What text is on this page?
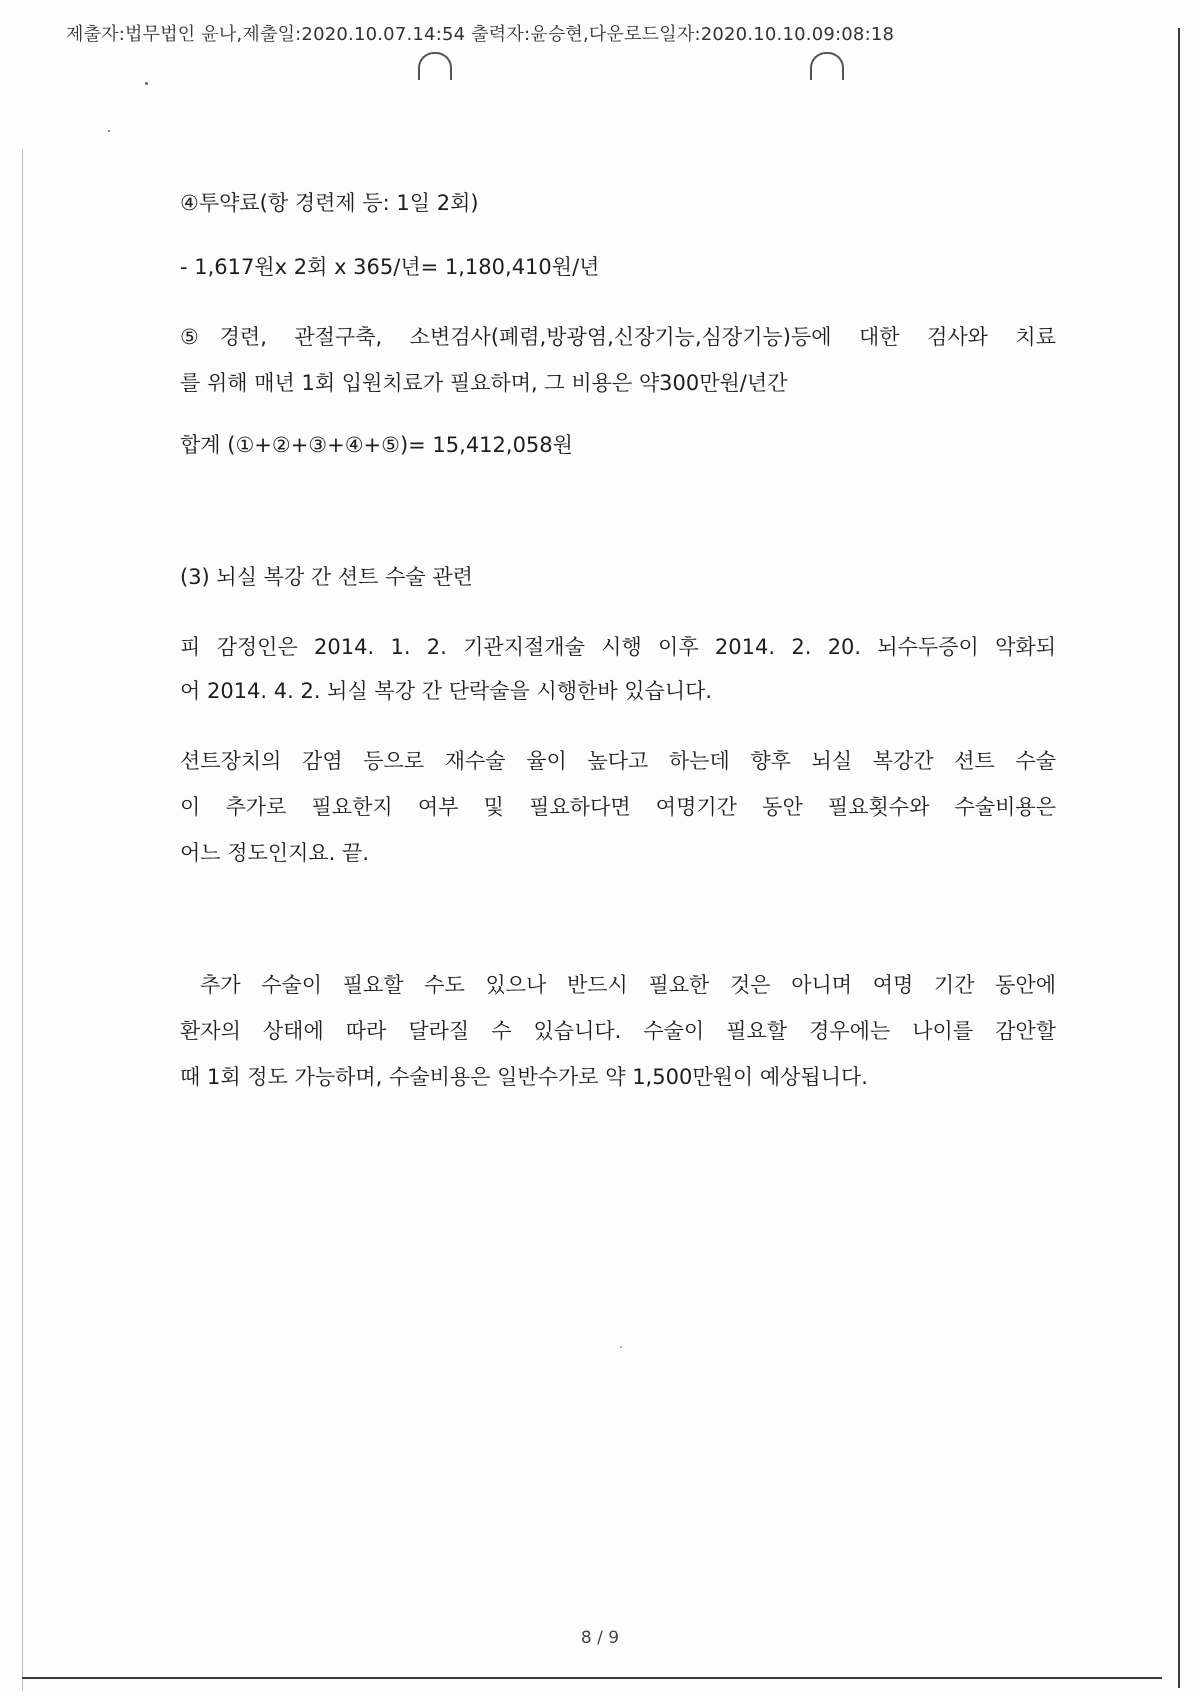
제출자:법무법인 윤나,제출일:2020.10.07.14:54 출력자:윤승현,다운로드일자:2020.10.10.09:08:18
④투약료(항 경련제 등: 1일 2회)
- 1,617원x 2회 x 365/년= 1,180,410원/년
⑤경련, 관절구축, 소변검사(폐렴,방광염,신장기능,심장기능)등에 대한 검사와 치료
를 위해 매년 1회 입원치료가 필요하며, 그 비용은 약300만원/년간
합계 (①+②+③+④+⑤)= 15,412,058원
(3) 뇌실 복강 간 션트 수술 관련
피 감정인은 2014. 1. 2. 기관지절개술 시행 이후 2014. 2. 20. 뇌수두증이 악화되
어 2014. 4. 2. 뇌실 복강 간 단락술을 시행한바 있습니다.
션트장치의 감염 등으로 재수술 율이 높다고 하는데 향후 뇌실 복강간 션트 수술
이 추가로 필요한지 여부 및 필요하다면 여명기간 동안 필요횟수와 수술비용은
어느 정도인지요. 끝.
추가 수술이 필요할 수도 있으나 반드시 필요한 것은 아니며 여명 기간 동안에
환자의 상태에 따라 달라질 수 있습니다. 수술이 필요할 경우에는 나이를 감안할
때 1회 정도 가능하며, 수술비용은 일반수가로 약 1,500만원이 예상됩니다.
8 / 9
